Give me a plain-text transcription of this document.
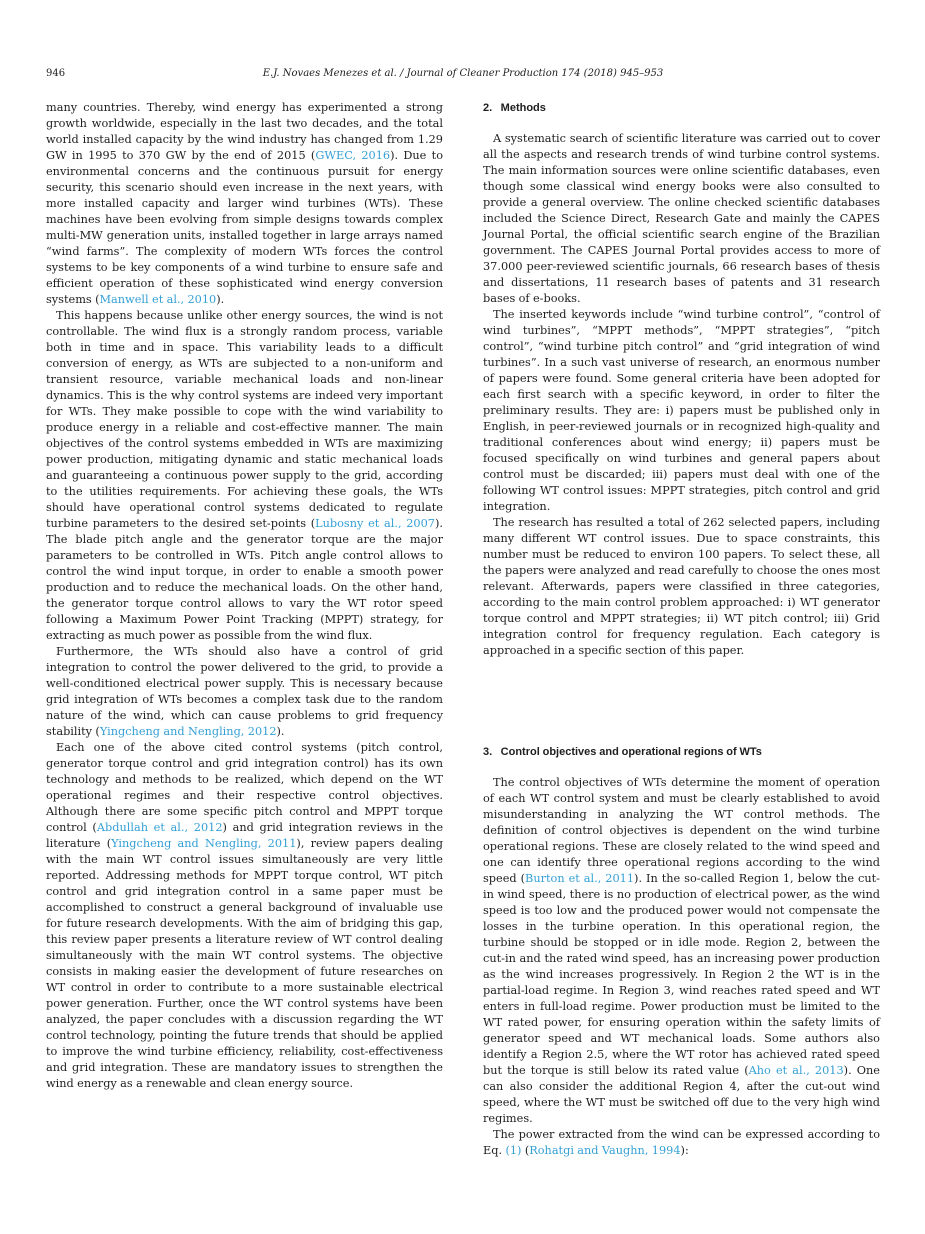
946	E.J. Novaes Menezes et al. / Journal of Cleaner Production 174 (2018) 945–953

many countries. Thereby, wind energy has experimented a strong growth worldwide, especially in the last two decades, and the total world installed capacity by the wind industry has changed from 1.29 GW in 1995 to 370 GW by the end of 2015 (GWEC, 2016). Due to environmental concerns and the continuous pursuit for energy security, this scenario should even increase in the next years, with more installed capacity and larger wind turbines (WTs). These machines have been evolving from simple designs towards complex multi-MW generation units, installed together in large arrays named “wind farms”. The complexity of modern WTs forces the control systems to be key components of a wind turbine to ensure safe and efficient operation of these sophisticated wind energy conversion systems (Manwell et al., 2010).

This happens because unlike other energy sources, the wind is not controllable. The wind flux is a strongly random process, variable both in time and in space. This variability leads to a difficult conversion of energy, as WTs are subjected to a non-uniform and transient resource, variable mechanical loads and non-linear dynamics. This is the why control systems are indeed very important for WTs. They make possible to cope with the wind variability to produce energy in a reliable and cost-effective manner. The main objectives of the control systems embedded in WTs are maximizing power production, mitigating dynamic and static mechanical loads and guaranteeing a continuous power supply to the grid, according to the utilities requirements. For achieving these goals, the WTs should have operational control systems dedicated to regulate turbine parameters to the desired set-points (Lubosny et al., 2007). The blade pitch angle and the generator torque are the major parameters to be controlled in WTs. Pitch angle control allows to control the wind input torque, in order to enable a smooth power production and to reduce the mechanical loads. On the other hand, the generator torque control allows to vary the WT rotor speed following a Maximum Power Point Tracking (MPPT) strategy, for extracting as much power as possible from the wind flux.

Furthermore, the WTs should also have a control of grid integration to control the power delivered to the grid, to provide a well-conditioned electrical power supply. This is necessary because grid integration of WTs becomes a complex task due to the random nature of the wind, which can cause problems to grid frequency stability (Yingcheng and Nengling, 2012).

Each one of the above cited control systems (pitch control, generator torque control and grid integration control) has its own technology and methods to be realized, which depend on the WT operational regimes and their respective control objectives. Although there are some specific pitch control and MPPT torque control (Abdullah et al., 2012) and grid integration reviews in the literature (Yingcheng and Nengling, 2011), review papers dealing with the main WT control issues simultaneously are very little reported. Addressing methods for MPPT torque control, WT pitch control and grid integration control in a same paper must be accomplished to construct a general background of invaluable use for future research developments. With the aim of bridging this gap, this review paper presents a literature review of WT control dealing simultaneously with the main WT control systems. The objective consists in making easier the development of future researches on WT control in order to contribute to a more sustainable electrical power generation. Further, once the WT control systems have been analyzed, the paper concludes with a discussion regarding the WT control technology, pointing the future trends that should be applied to improve the wind turbine efficiency, reliability, cost-effectiveness and grid integration. These are mandatory issues to strengthen the wind energy as a renewable and clean energy source.

2.   Methods

A systematic search of scientific literature was carried out to cover all the aspects and research trends of wind turbine control systems. The main information sources were online scientific databases, even though some classical wind energy books were also consulted to provide a general overview. The online checked scientific databases included the Science Direct, Research Gate and mainly the CAPES Journal Portal, the official scientific search engine of the Brazilian government. The CAPES Journal Portal provides access to more of 37.000 peer-reviewed scientific journals, 66 research bases of thesis and dissertations, 11 research bases of patents and 31 research bases of e-books.

The inserted keywords include “wind turbine control”, “control of wind turbines”, “MPPT methods”, “MPPT strategies”, “pitch control”, “wind turbine pitch control” and “grid integration of wind turbines”. In a such vast universe of research, an enormous number of papers were found. Some general criteria have been adopted for each first search with a specific keyword, in order to filter the preliminary results. They are: i) papers must be published only in English, in peer-reviewed journals or in recognized high-quality and traditional conferences about wind energy; ii) papers must be focused specifically on wind turbines and general papers about control must be discarded; iii) papers must deal with one of the following WT control issues: MPPT strategies, pitch control and grid integration.

The research has resulted a total of 262 selected papers, including many different WT control issues. Due to space constraints, this number must be reduced to environ 100 papers. To select these, all the papers were analyzed and read carefully to choose the ones most relevant. Afterwards, papers were classified in three categories, according to the main control problem approached: i) WT generator torque control and MPPT strategies; ii) WT pitch control; iii) Grid integration control for frequency regulation. Each category is approached in a specific section of this paper.

3.   Control objectives and operational regions of WTs

The control objectives of WTs determine the moment of operation of each WT control system and must be clearly established to avoid misunderstanding in analyzing the WT control methods. The definition of control objectives is dependent on the wind turbine operational regions. These are closely related to the wind speed and one can identify three operational regions according to the wind speed (Burton et al., 2011). In the so-called Region 1, below the cut-in wind speed, there is no production of electrical power, as the wind speed is too low and the produced power would not compensate the losses in the turbine operation. In this operational region, the turbine should be stopped or in idle mode. Region 2, between the cut-in and the rated wind speed, has an increasing power production as the wind increases progressively. In Region 2 the WT is in the partial-load regime. In Region 3, wind reaches rated speed and WT enters in full-load regime. Power production must be limited to the WT rated power, for ensuring operation within the safety limits of generator speed and WT mechanical loads. Some authors also identify a Region 2.5, where the WT rotor has achieved rated speed but the torque is still below its rated value (Aho et al., 2013). One can also consider the additional Region 4, after the cut-out wind speed, where the WT must be switched off due to the very high wind regimes.

The power extracted from the wind can be expressed according to Eq. (1) (Rohatgi and Vaughn, 1994):
